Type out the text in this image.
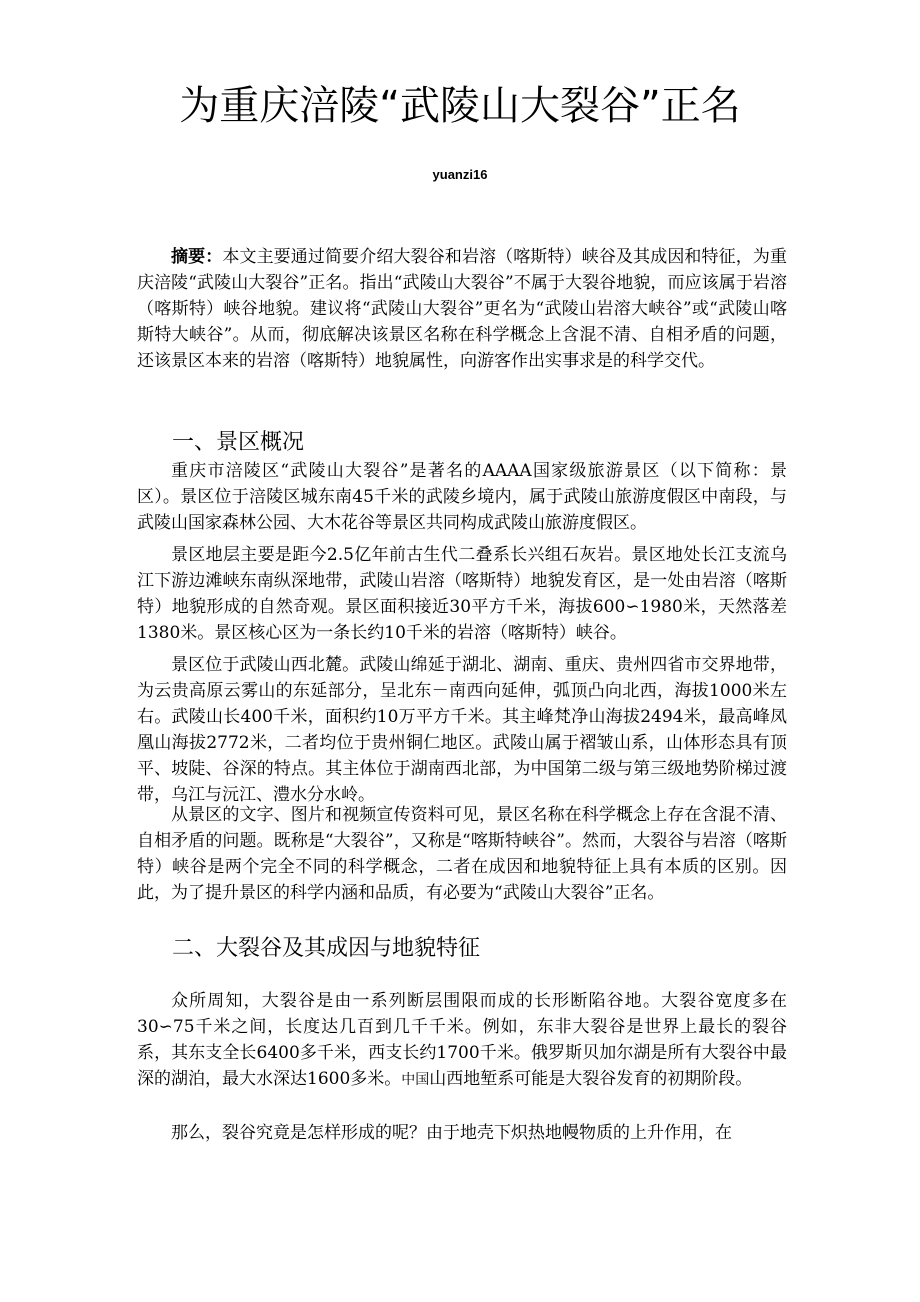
为重庆涪陵“武陵山大裂谷”正名
yuanzi16

摘要：本文主要通过简要介绍大裂谷和岩溶（喀斯特）峡谷及其成因和特征，为重庆涪陵“武陵山大裂谷”正名。指出“武陵山大裂谷”不属于大裂谷地貌，而应该属于岩溶（喀斯特）峡谷地貌。建议将“武陵山大裂谷”更名为“武陵山岩溶大峡谷”或“武陵山喀斯特大峡谷”。从而，彻底解决该景区名称在科学概念上含混不清、自相矛盾的问题，还该景区本来的岩溶（喀斯特）地貌属性，向游客作出实事求是的科学交代。

一、景区概况

重庆市涪陵区“武陵山大裂谷”是著名的AAAA国家级旅游景区（以下简称：景区）。景区位于涪陵区城东南45千米的武陵乡境内，属于武陵山旅游度假区中南段，与武陵山国家森林公园、大木花谷等景区共同构成武陵山旅游度假区。

景区地层主要是距今2.5亿年前古生代二叠系长兴组石灰岩。景区地处长江支流乌江下游边滩峡东南纵深地带，武陵山岩溶（喀斯特）地貌发育区，是一处由岩溶（喀斯特）地貌形成的自然奇观。景区面积接近30平方千米，海拔600∽1980米，天然落差1380米。景区核心区为一条长约10千米的岩溶（喀斯特）峡谷。

景区位于武陵山西北麓。武陵山绵延于湖北、湖南、重庆、贵州四省市交界地带，为云贵高原云雾山的东延部分，呈北东－南西向延伸，弧顶凸向北西，海拔1000米左右。武陵山长400千米，面积约10万平方千米。其主峰梵净山海拔2494米，最高峰凤凰山海拔2772米，二者均位于贵州铜仁地区。武陵山属于褶皱山系，山体形态具有顶平、坡陡、谷深的特点。其主体位于湖南西北部，为中国第二级与第三级地势阶梯过渡带，乌江与沅江、澧水分水岭。

从景区的文字、图片和视频宣传资料可见，景区名称在科学概念上存在含混不清、自相矛盾的问题。既称是“大裂谷”，又称是“喀斯特峡谷”。然而，大裂谷与岩溶（喀斯特）峡谷是两个完全不同的科学概念，二者在成因和地貌特征上具有本质的区别。因此，为了提升景区的科学内涵和品质，有必要为“武陵山大裂谷”正名。

二、大裂谷及其成因与地貌特征

众所周知，大裂谷是由一系列断层围限而成的长形断陷谷地。大裂谷宽度多在30∽75千米之间，长度达几百到几千千米。例如，东非大裂谷是世界上最长的裂谷系，其东支全长6400多千米，西支长约1700千米。俄罗斯贝加尔湖是所有大裂谷中最深的湖泊，最大水深达1600多米。中国山西地堑系可能是大裂谷发育的初期阶段。

那么，裂谷究竟是怎样形成的呢？由于地壳下炽热地幔物质的上升作用，在
